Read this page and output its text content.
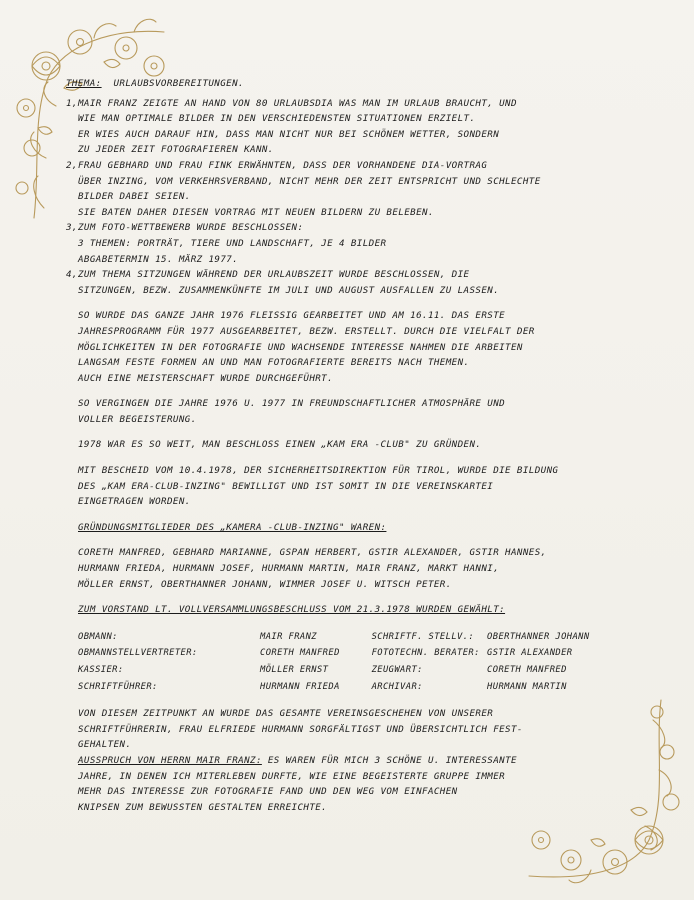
THEMA: URLAUBSVORBEREITUNGEN.

1, MAIR FRANZ ZEIGTE AN HAND VON 80 URLAUBSDIA WAS MAN IM URLAUB BRAUCHT, UND

WIE MAN OPTIMALE BILDER IN DEN VERSCHIEDENSTEN SITUATIONEN ERZIELT.

ER WIES AUCH DARAUF HIN, DASS MAN NICHT NUR BEI SCHÖNEM WETTER, SONDERN

ZU JEDER ZEIT FOTOGRAFIEREN KANN.

2, FRAU GEBHARD UND FRAU FINK ERWÄHNTEN, DASS DER VORHANDENE DIA-VORTRAG

ÜBER INZING, VOM VERKEHRSVERBAND, NICHT MEHR DER ZEIT ENTSPRICHT UND SCHLECHTE

BILDER DABEI SEIEN.

SIE BATEN DAHER DIESEN VORTRAG MIT NEUEN BILDERN ZU BELEBEN.

3, ZUM FOTO-WETTBEWERB WURDE BESCHLOSSEN:

3 THEMEN: PORTRÄT, TIERE UND LANDSCHAFT, JE 4 BILDER

ABGABETERMIN 15. MÄRZ 1977.

4, ZUM THEMA SITZUNGEN WÄHREND DER URLAUBSZEIT WURDE BESCHLOSSEN, DIE

SITZUNGEN, BEZW. ZUSAMMENKÜNFTE IM JULI UND AUGUST AUSFALLEN ZU LASSEN.

SO WURDE DAS GANZE JAHR 1976 FLEISSIG GEARBEITET UND AM 16.11. DAS ERSTE

JAHRESPROGRAMM FÜR 1977 AUSGEARBEITET, BEZW. ERSTELLT. DURCH DIE VIELFALT DER

MÖGLICHKEITEN IN DER FOTOGRAFIE UND WACHSENDE INTERESSE NAHMEN DIE ARBEITEN

LANGSAM FESTE FORMEN AN UND MAN FOTOGRAFIERTE BEREITS NACH THEMEN.

AUCH EINE MEISTERSCHAFT WURDE DURCHGEFÜHRT.

SO VERGINGEN DIE JAHRE 1976 U. 1977 IN FREUNDSCHAFTLICHER ATMOSPHÄRE UND

VOLLER BEGEISTERUNG.

1978 WAR ES SO WEIT, MAN BESCHLOSS EINEN „KAM ERA -CLUB" ZU GRÜNDEN.

MIT BESCHEID VOM 10.4.1978, DER SICHERHEITSDIREKTION FÜR TIROL, WURDE DIE BILDUNG

DES „KAM ERA-CLUB-INZING" BEWILLIGT UND IST SOMIT IN DIE VEREINSKARTEI

EINGETRAGEN WORDEN.

GRÜNDUNGSMITGLIEDER DES „KAMERA -CLUB-INZING" WAREN:

CORETH MANFRED, GEBHARD MARIANNE, GSPAN HERBERT, GSTIR ALEXANDER, GSTIR HANNES,

HURMANN FRIEDA, HURMANN JOSEF, HURMANN MARTIN, MAIR FRANZ, MARKT HANNI,

MÖLLER ERNST, OBERTHANNER JOHANN, WIMMER JOSEF U. WITSCH PETER.

ZUM VORSTAND LT. VOLLVERSAMMLUNGSBESCHLUSS VOM 21.3.1978 WURDEN GEWÄHLT:

OBMANN:	MAIR FRANZ	SCHRIFTF. STELLV.:	OBERTHANNER JOHANN
OBMANNSTELLVERTRETER:	CORETH MANFRED	FOTOTECHN. BERATER: GSTIR ALEXANDER
KASSIER:	MÖLLER ERNST	ZEUGWART:	CORETH MANFRED
SCHRIFTFÜHRER:	HURMANN FRIEDA	ARCHIVAR:	HURMANN MARTIN

VON DIESEM ZEITPUNKT AN WURDE DAS GESAMTE VEREINSGESCHEHEN VON UNSERER

SCHRIFTFÜHRERIN, FRAU ELFRIEDE HURMANN SORGFÄLTIGST UND ÜBERSICHTLICH FEST-

GEHALTEN.

AUSSPRUCH VON HERRN MAIR FRANZ: ES WAREN FÜR MICH 3 SCHÖNE U. INTERESSANTE

JAHRE, IN DENEN ICH MITERLEBEN DURFTE, WIE EINE BEGEISTERTE GRUPPE IMMER

MEHR DAS INTERESSE ZUR FOTOGRAFIE FAND UND DEN WEG VOM EINFACHEN

KNIPSEN ZUM BEWUSSTEN GESTALTEN ERREICHTE.
